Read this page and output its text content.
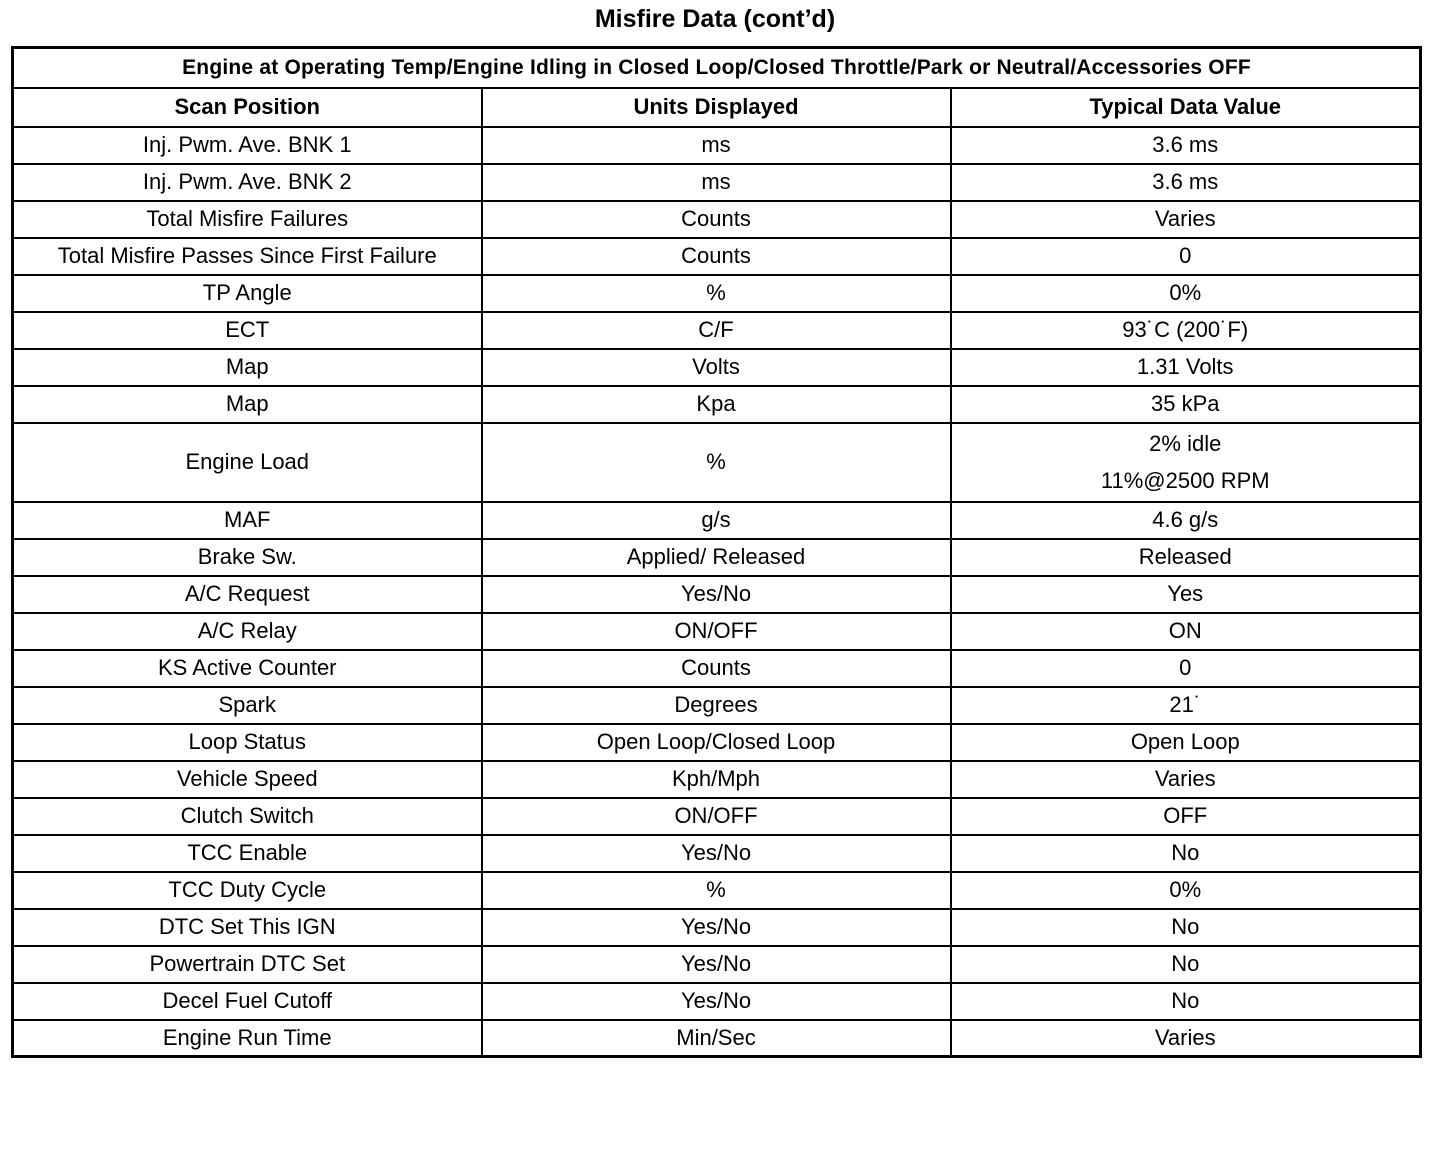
Misfire Data (cont’d)
Engine at Operating Temp/Engine Idling in Closed Loop/Closed Throttle/Park or Neutral/Accessories OFF		
Scan Position	Units Displayed	Typical Data Value
Inj. Pwm. Ave. BNK 1	ms	3.6 ms
Inj. Pwm. Ave. BNK 2	ms	3.6 ms
Total Misfire Failures	Counts	Varies
Total Misfire Passes Since First Failure	Counts	0
TP Angle	%	0%
ECT	C/F	93˙C (200˙F)
Map	Volts	1.31 Volts
Map	Kpa	35 kPa
Engine Load	%	2% idle
11%@2500 RPM

MAF	g/s	4.6 g/s
Brake Sw.	Applied/ Released	Released
A/C Request	Yes/No	Yes
A/C Relay	ON/OFF	ON
KS Active Counter	Counts	0
Spark	Degrees	21˙
Loop Status	Open Loop/Closed Loop	Open Loop
Vehicle Speed	Kph/Mph	Varies
Clutch Switch	ON/OFF	OFF
TCC Enable	Yes/No	No
TCC Duty Cycle	%	0%
DTC Set This IGN	Yes/No	No
Powertrain DTC Set	Yes/No	No
Decel Fuel Cutoff	Yes/No	No
Engine Run Time	Min/Sec	Varies
